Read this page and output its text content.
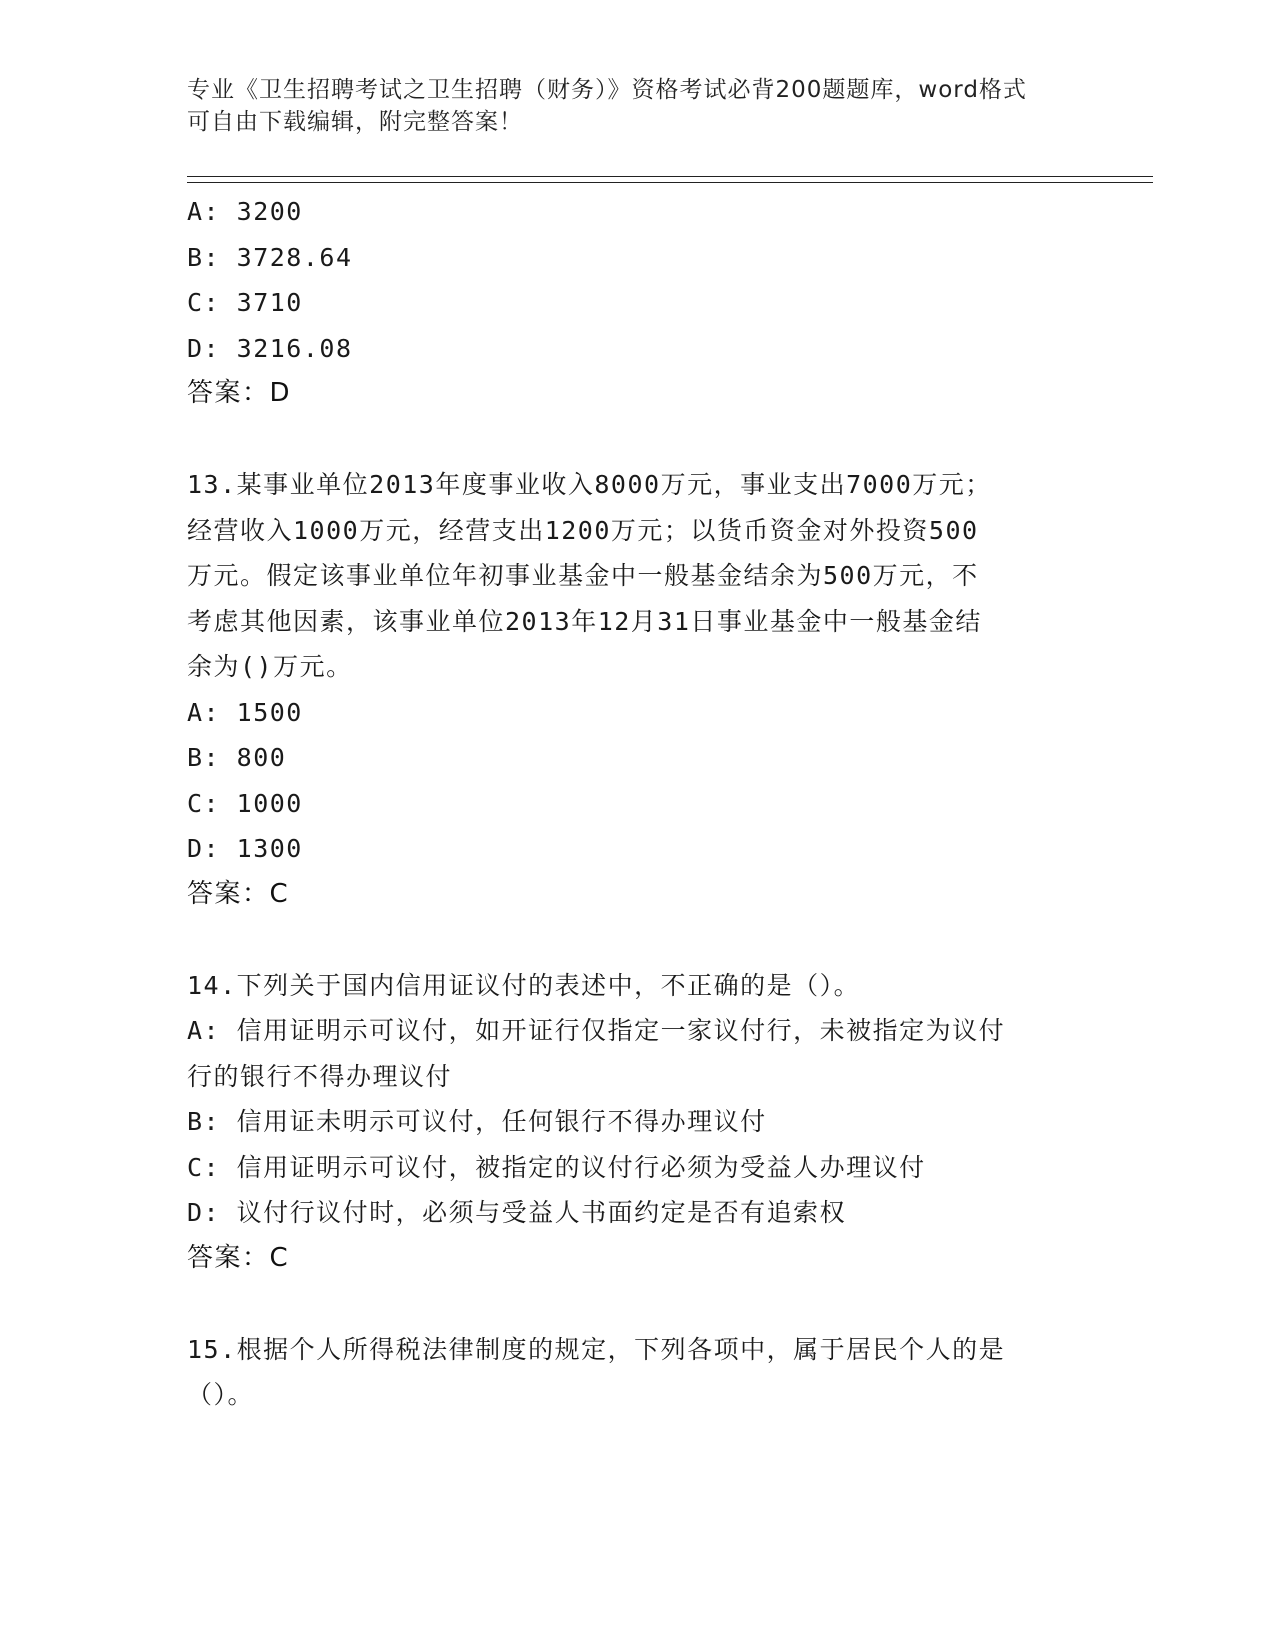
专业《卫生招聘考试之卫生招聘（财务）》资格考试必背200题题库，word格式
可自由下载编辑，附完整答案！
A: 3200
B: 3728.64
C: 3710
D: 3216.08
答案：D
13.某事业单位2013年度事业收入8000万元，事业支出7000万元；
经营收入1000万元，经营支出1200万元；以货币资金对外投资500
万元。假定该事业单位年初事业基金中一般基金结余为500万元，不
考虑其他因素，该事业单位2013年12月31日事业基金中一般基金结
余为()万元。
A: 1500
B: 800
C: 1000
D: 1300
答案：C
14.下列关于国内信用证议付的表述中，不正确的是（）。
A: 信用证明示可议付，如开证行仅指定一家议付行，未被指定为议付
行的银行不得办理议付
B: 信用证未明示可议付，任何银行不得办理议付
C: 信用证明示可议付，被指定的议付行必须为受益人办理议付
D: 议付行议付时，必须与受益人书面约定是否有追索权
答案：C
15.根据个人所得税法律制度的规定，下列各项中，属于居民个人的是
（）。
